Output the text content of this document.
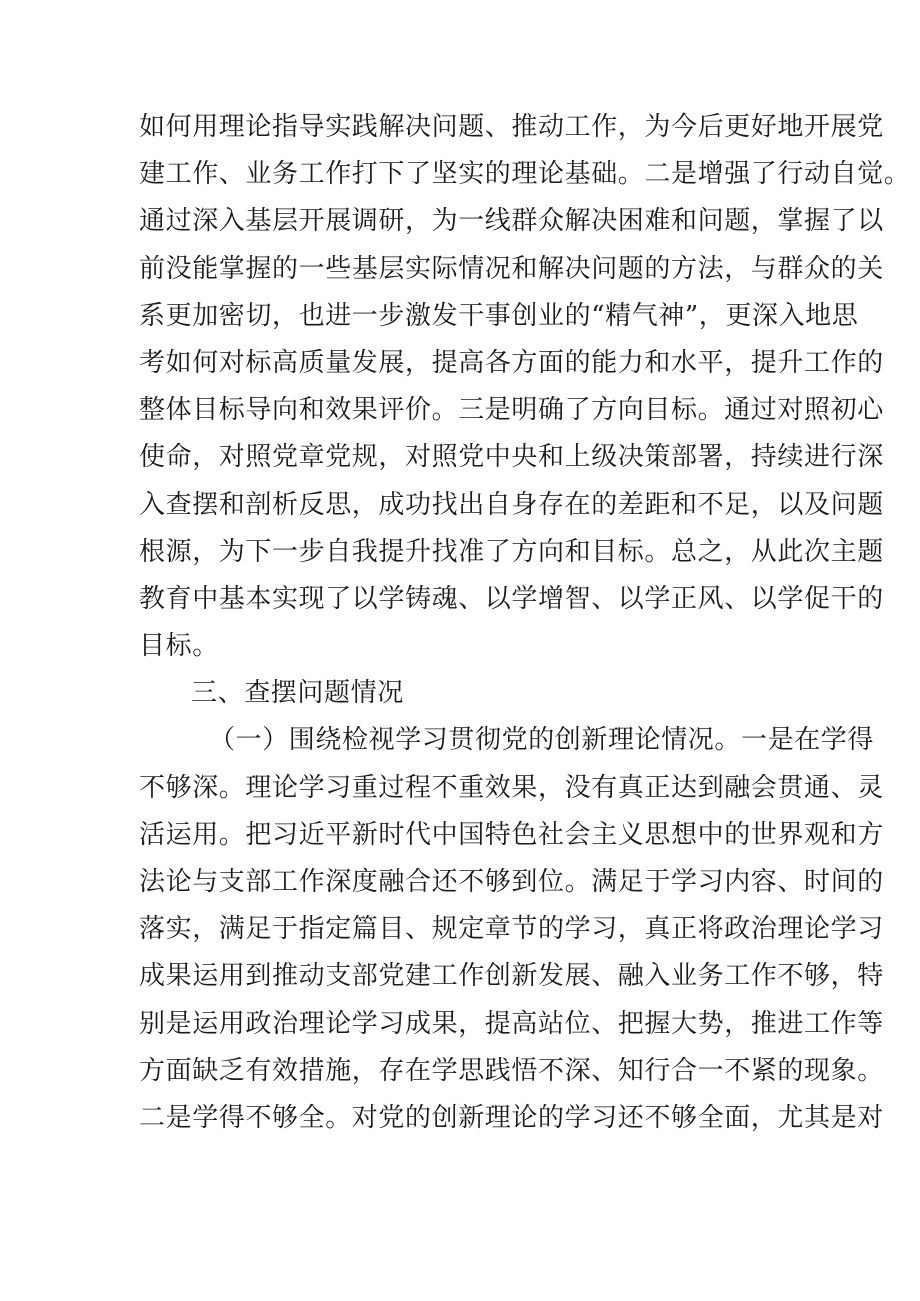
如何用理论指导实践解决问题、推动工作，为今后更好地开展党
建工作、业务工作打下了坚实的理论基础。二是增强了行动自觉。
通过深入基层开展调研，为一线群众解决困难和问题，掌握了以
前没能掌握的一些基层实际情况和解决问题的方法，与群众的关
系更加密切，也进一步激发干事创业的“精气神”，更深入地思
考如何对标高质量发展，提高各方面的能力和水平，提升工作的
整体目标导向和效果评价。三是明确了方向目标。通过对照初心
使命，对照党章党规，对照党中央和上级决策部署，持续进行深
入查摆和剖析反思，成功找出自身存在的差距和不足，以及问题
根源，为下一步自我提升找准了方向和目标。总之，从此次主题
教育中基本实现了以学铸魂、以学增智、以学正风、以学促干的
目标。
三、查摆问题情况
（一）围绕检视学习贯彻党的创新理论情况。一是在学得
不够深。理论学习重过程不重效果，没有真正达到融会贯通、灵
活运用。把习近平新时代中国特色社会主义思想中的世界观和方
法论与支部工作深度融合还不够到位。满足于学习内容、时间的
落实，满足于指定篇目、规定章节的学习，真正将政治理论学习
成果运用到推动支部党建工作创新发展、融入业务工作不够，特
别是运用政治理论学习成果，提高站位、把握大势，推进工作等
方面缺乏有效措施，存在学思践悟不深、知行合一不紧的现象。
二是学得不够全。对党的创新理论的学习还不够全面，尤其是对
